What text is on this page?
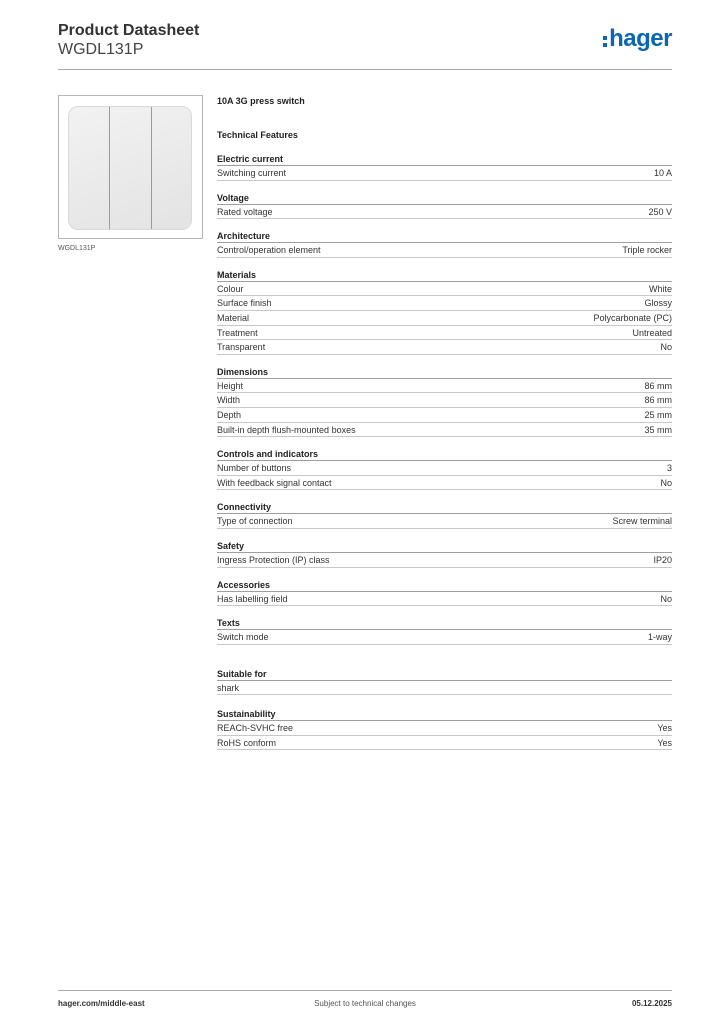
Product Datasheet
WGDL131P	hager
WGDL131P
10A 3G press switch
Technical Features
Electric current
Switching current	10 A
Voltage
Rated voltage	250 V
Architecture
Control/operation element	Triple rocker
Materials
Colour	White
Surface finish	Glossy
Material	Polycarbonate (PC)
Treatment	Untreated
Transparent	No
Dimensions
Height	86 mm
Width	86 mm
Depth	25 mm
Built-in depth flush-mounted boxes	35 mm
Controls and indicators
Number of buttons	3
With feedback signal contact	No
Connectivity
Type of connection	Screw terminal
Safety
Ingress Protection (IP) class	IP20
Accessories
Has labelling field	No
Texts
Switch mode	1-way
Suitable for
shark
Sustainability
REACh-SVHC free	Yes
RoHS conform	Yes
hager.com/middle-east	Subject to technical changes	05.12.2025
